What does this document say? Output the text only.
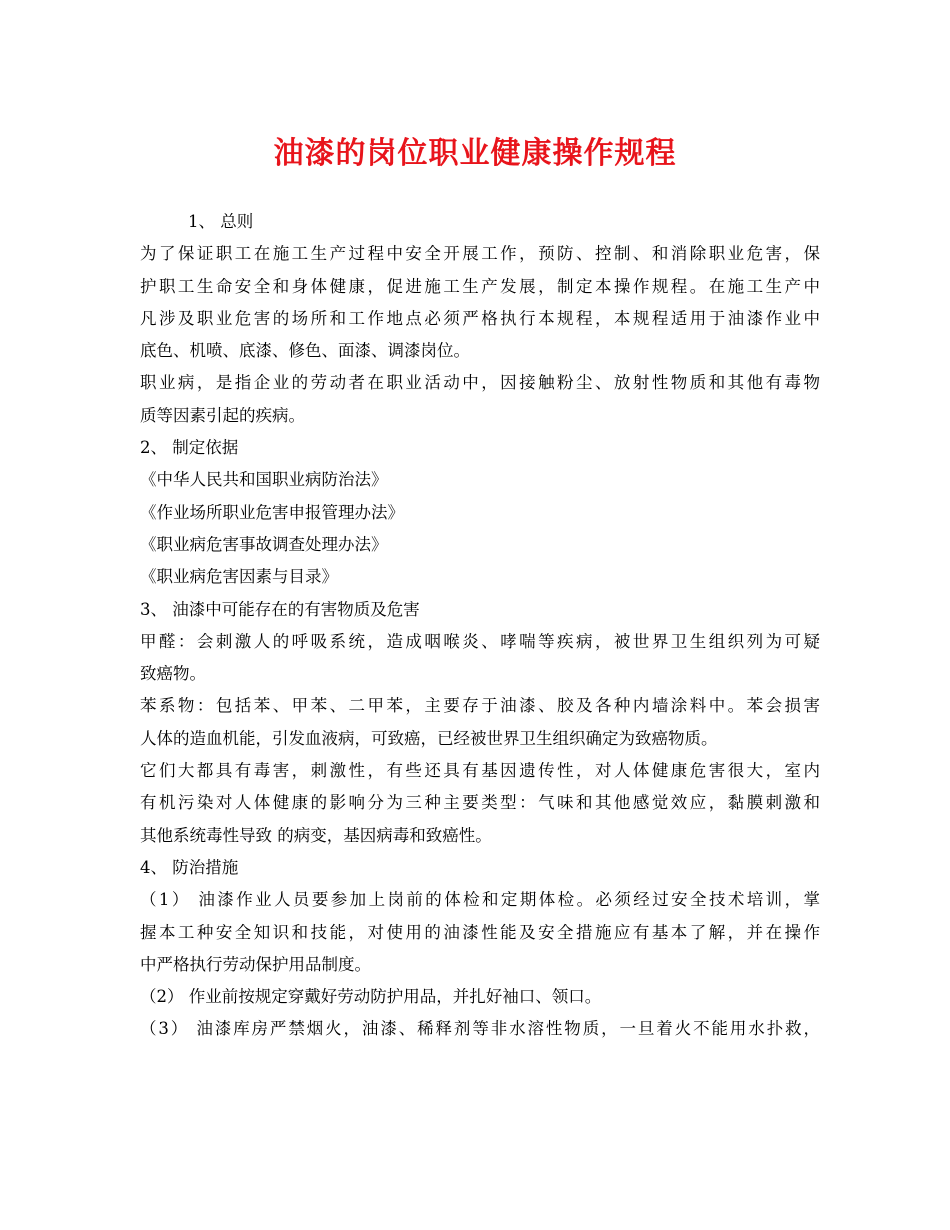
油漆的岗位职业健康操作规程
1、 总则
为了保证职工在施工生产过程中安全开展工作，预防、控制、和消除职业危害，保
护职工生命安全和身体健康，促进施工生产发展，制定本操作规程。在施工生产中
凡涉及职业危害的场所和工作地点必须严格执行本规程，本规程适用于油漆作业中
底色、机喷、底漆、修色、面漆、调漆岗位。
职业病，是指企业的劳动者在职业活动中，因接触粉尘、放射性物质和其他有毒物
质等因素引起的疾病。
2、 制定依据
《中华人民共和国职业病防治法》
《作业场所职业危害申报管理办法》
《职业病危害事故调查处理办法》
《职业病危害因素与目录》
3、 油漆中可能存在的有害物质及危害
甲醛：会刺激人的呼吸系统，造成咽喉炎、哮喘等疾病，被世界卫生组织列为可疑
致癌物。
苯系物：包括苯、甲苯、二甲苯，主要存于油漆、胶及各种内墙涂料中。苯会损害
人体的造血机能，引发血液病，可致癌，已经被世界卫生组织确定为致癌物质。
它们大都具有毒害，刺激性，有些还具有基因遗传性，对人体健康危害很大，室内
有机污染对人体健康的影响分为三种主要类型：气味和其他感觉效应，黏膜刺激和
其他系统毒性导致 的病变，基因病毒和致癌性。
4、 防治措施
（1） 油漆作业人员要参加上岗前的体检和定期体检。必须经过安全技术培训，掌
握本工种安全知识和技能，对使用的油漆性能及安全措施应有基本了解，并在操作
中严格执行劳动保护用品制度。
（2） 作业前按规定穿戴好劳动防护用品，并扎好袖口、领口。
（3） 油漆库房严禁烟火，油漆、稀释剂等非水溶性物质，一旦着火不能用水扑救，
